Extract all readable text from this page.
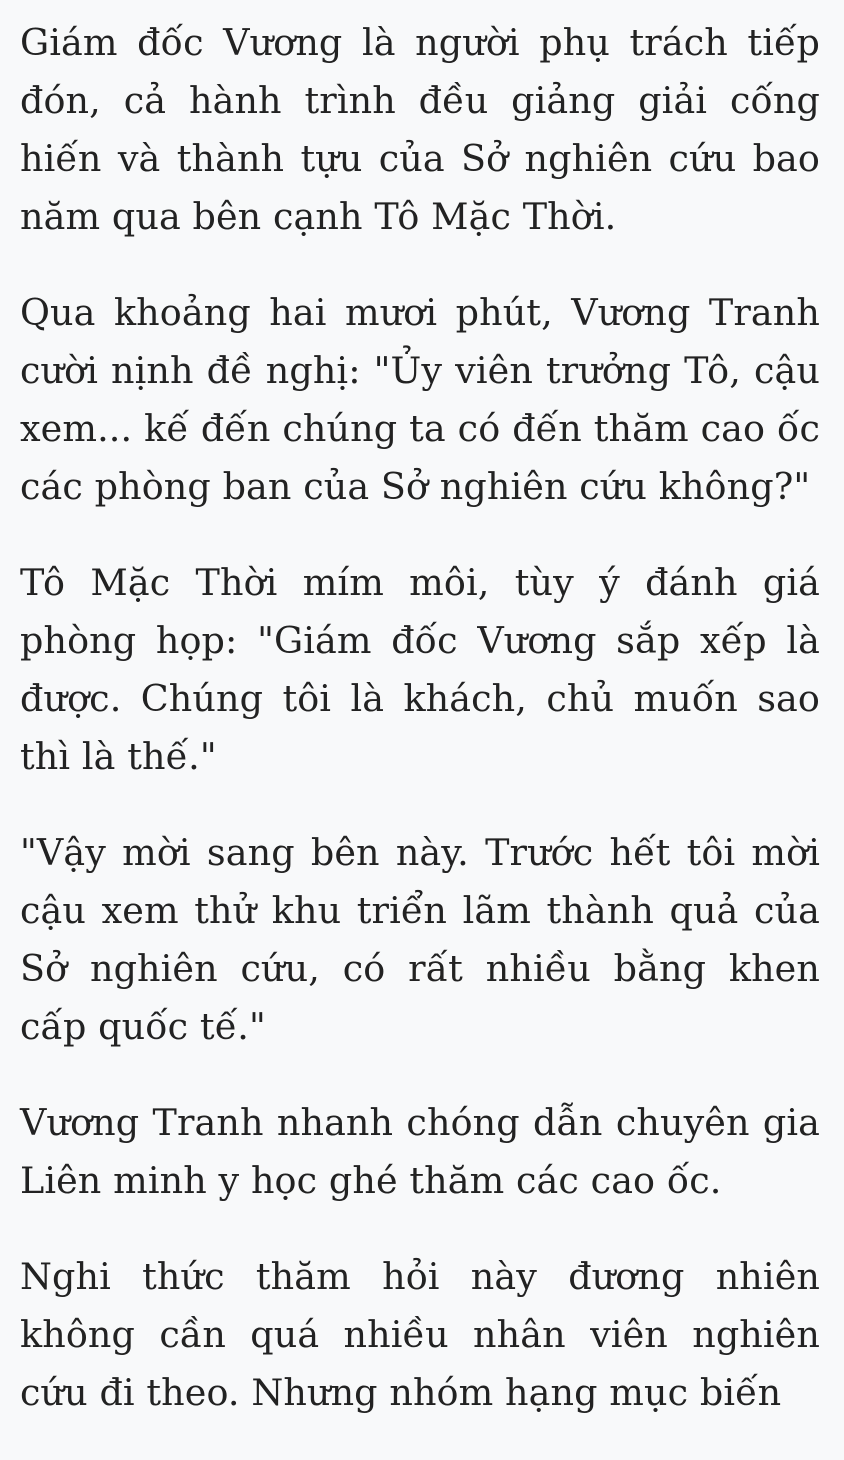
Giám đốc Vương là người phụ trách tiếp đón, cả hành trình đều giảng giải cống hiến và thành tựu của Sở nghiên cứu bao năm qua bên cạnh Tô Mặc Thời.

Qua khoảng hai mươi phút, Vương Tranh cười nịnh đề nghị: "Ủy viên trưởng Tô, cậu xem... kế đến chúng ta có đến thăm cao ốc các phòng ban của Sở nghiên cứu không?"

Tô Mặc Thời mím môi, tùy ý đánh giá phòng họp: "Giám đốc Vương sắp xếp là được. Chúng tôi là khách, chủ muốn sao thì là thế."

"Vậy mời sang bên này. Trước hết tôi mời cậu xem thử khu triển lãm thành quả của Sở nghiên cứu, có rất nhiều bằng khen cấp quốc tế."

Vương Tranh nhanh chóng dẫn chuyên gia Liên minh y học ghé thăm các cao ốc.

Nghi thức thăm hỏi này đương nhiên không cần quá nhiều nhân viên nghiên cứu đi theo. Nhưng nhóm hạng mục biến
